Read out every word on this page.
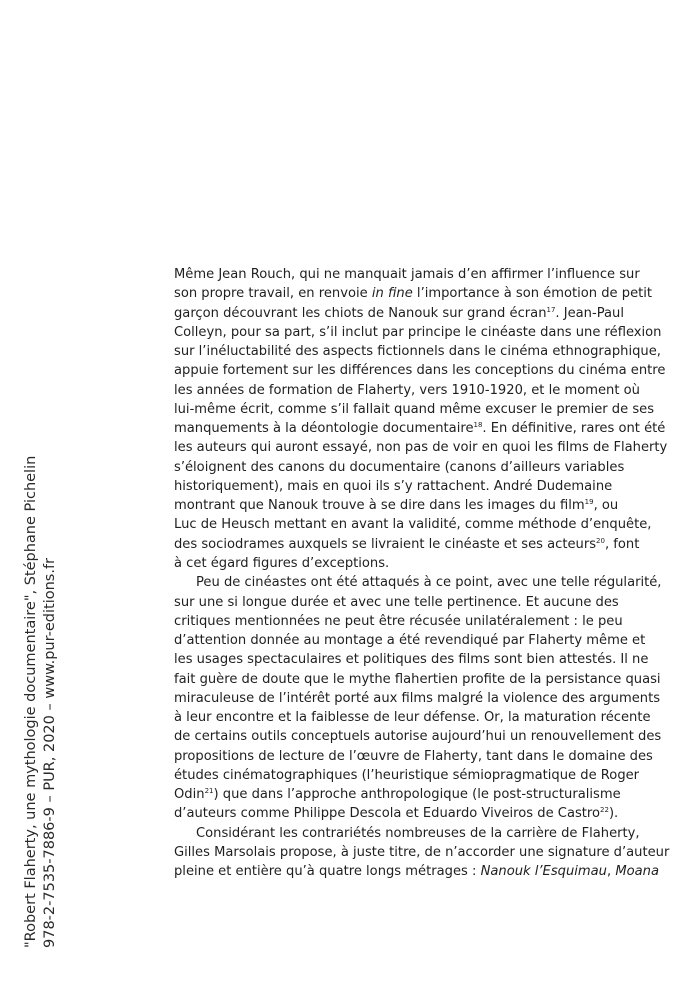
"Robert Flaherty, une mythologie documentaire", Stéphane Pichelin 978-2-7535-7886-9 – PUR, 2020 – www.pur-editions.fr
Même Jean Rouch, qui ne manquait jamais d’en affirmer l’influence sur
son propre travail, en renvoie in fine l’importance à son émotion de petit
garçon découvrant les chiots de Nanouk sur grand écran$^{17}$. Jean-Paul
Colleyn, pour sa part, s’il inclut par principe le cinéaste dans une réflexion
sur l’inéluctabilité des aspects fictionnels dans le cinéma ethnographique,
appuie fortement sur les différences dans les conceptions du cinéma entre
les années de formation de Flaherty, vers 1910-1920, et le moment où
lui-même écrit, comme s’il fallait quand même excuser le premier de ses
manquements à la déontologie documentaire$^{18}$. En définitive, rares ont été
les auteurs qui auront essayé, non pas de voir en quoi les films de Flaherty
s’éloignent des canons du documentaire (canons d’ailleurs variables
historiquement), mais en quoi ils s’y rattachent. André Dudemaine
montrant que Nanouk trouve à se dire dans les images du film$^{19}$, ou
Luc de Heusch mettant en avant la validité, comme méthode d’enquête,
des sociodrames auxquels se livraient le cinéaste et ses acteurs$^{20}$, font
à cet égard figures d’exceptions.
Peu de cinéastes ont été attaqués à ce point, avec une telle régularité,
sur une si longue durée et avec une telle pertinence. Et aucune des
critiques mentionnées ne peut être récusée unilatéralement : le peu
d’attention donnée au montage a été revendiqué par Flaherty même et
les usages spectaculaires et politiques des films sont bien attestés. Il ne
fait guère de doute que le mythe flahertien profite de la persistance quasi
miraculeuse de l’intérêt porté aux films malgré la violence des arguments
à leur encontre et la faiblesse de leur défense. Or, la maturation récente
de certains outils conceptuels autorise aujourd’hui un renouvellement des
propositions de lecture de l’œuvre de Flaherty, tant dans le domaine des
études cinématographiques (l’heuristique sémiopragmatique de Roger
Odin$^{21}$) que dans l’approche anthropologique (le post-structuralisme
d’auteurs comme Philippe Descola et Eduardo Viveiros de Castro$^{22}$).
Considérant les contrariétés nombreuses de la carrière de Flaherty,
Gilles Marsolais propose, à juste titre, de n’accorder une signature d’auteur
pleine et entière qu’à quatre longs métrages : Nanouk l’Esquimau, Moana
